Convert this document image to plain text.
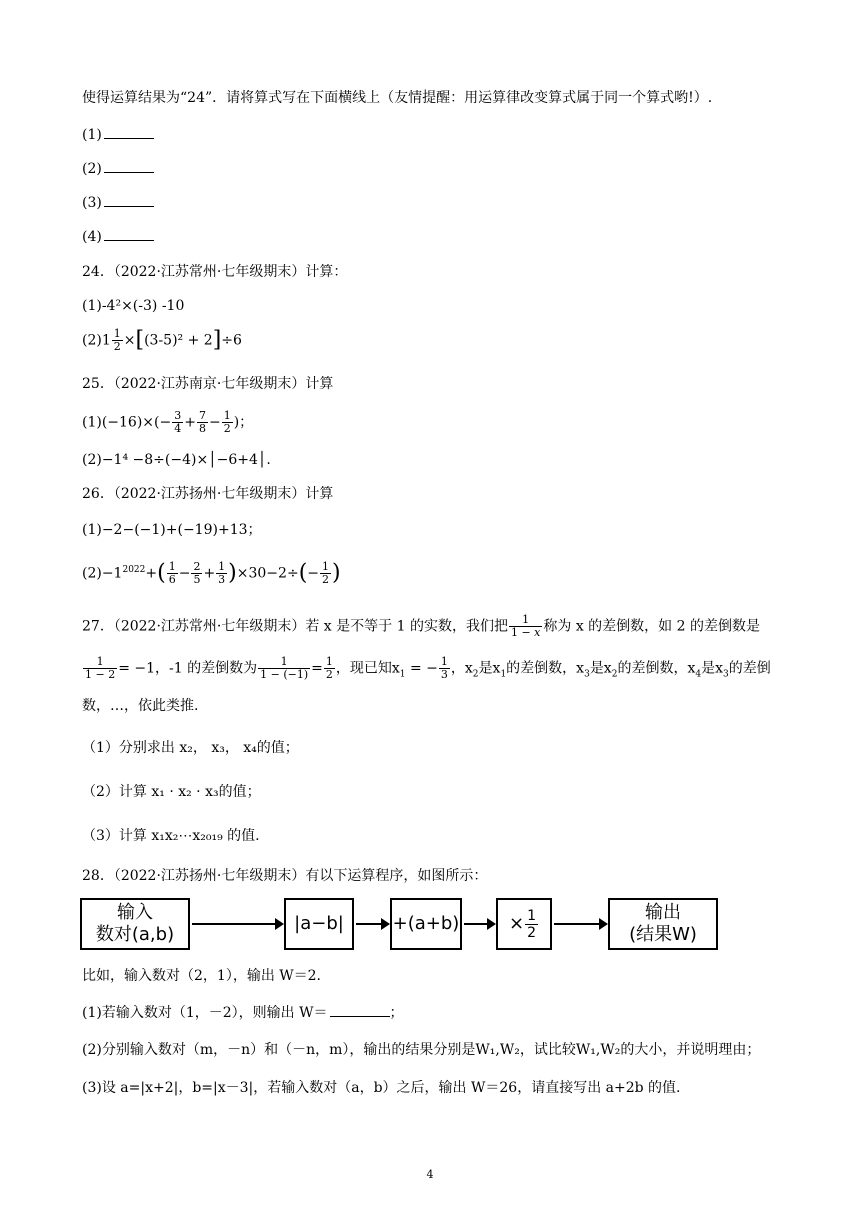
使得运算结果为“24”．请将算式写在下面横线上（友情提醒：用运算律改变算式属于同一个算式哟!）.
(1)
(2)
(3)
(4)
24．（2022·江苏常州·七年级期末）计算：
(1)-4²×(-3) -10
$(2)1 \frac{1}{2} \times[(3-5)^2 + 2]\div 6$
25．（2022·江苏南京·七年级期末）计算
$(1)(-16)\times(- \frac{3}{4} + \frac{7}{8} - \frac{1}{2}$ )；
(2)−1⁴ −8÷(−4)×│−6+4│.
26．（2022·江苏扬州·七年级期末）计算
(1)−2−(−1)+(−19)+13；
$(2)-1^{2022}+( \frac{1}{6} - \frac{2}{5} + \frac{1}{3} )\times 30-2\div(- \frac{1}{2}$ )
27．（2022·江苏常州·七年级期末）若 x 是不等于 1 的实数，我们把 $\frac{1}{1 - x}$ 称为 x 的差倒数，如 2 的差倒数是
$\frac{1}{1 - 2} = -1$，-1 的差倒数为 $\frac{1}{1 - (-1)} = \frac{1}{2}$ ，现已知$x_1$ = − $\frac{1}{3}$ ，$x_2$是$x_1$的差倒数，$x_3$是$x_2$的差倒数，$x_4$是$x_3$的差倒
数，…，依此类推.
（1）分别求出 x₂， x₃， x₄的值；
（2）计算 x₁ · x₂ · x₃的值；
（3）计算 x₁x₂⋯x₂₀₁₉ 的值.
28．（2022·江苏扬州·七年级期末）有以下运算程序，如图所示：
输入
数对(a,b)
|a−b|	+(a+b)	× $\frac{1}{2}$	输出
(结果W)
比如，输入数对（2，1），输出 W＝2.
(1)若输入数对（1，－2），则输出 W＝	；
(2)分别输入数对（m，－n）和（－n，m），输出的结果分别是W₁,W₂，试比较W₁,W₂的大小，并说明理由；
(3)设 a=|x+2|，b=|x－3|，若输入数对（a，b）之后，输出 W＝26，请直接写出 a+2b 的值.
4
